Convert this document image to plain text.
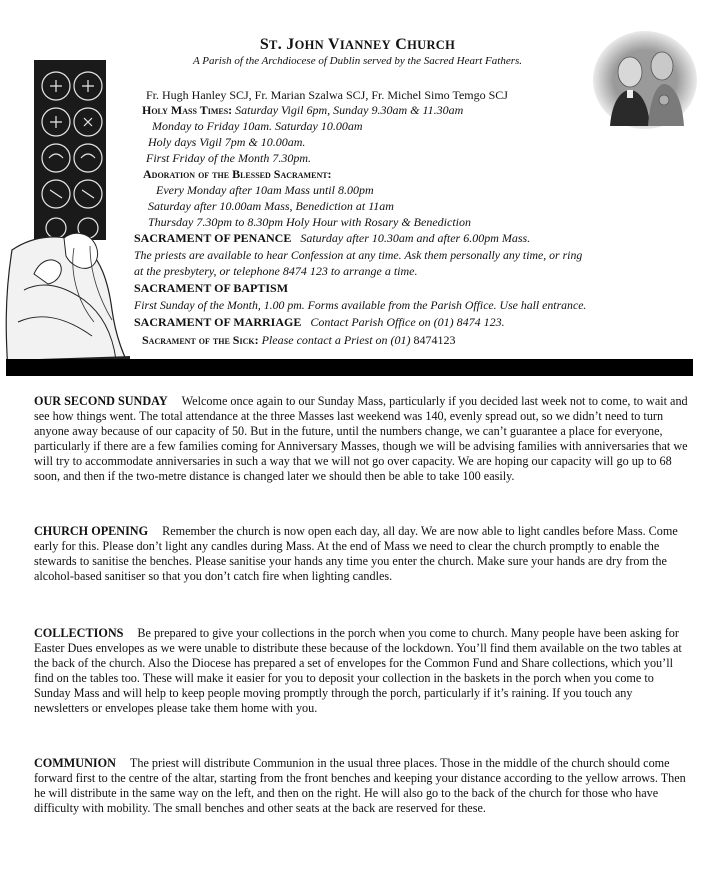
ST. JOHN VIANNEY CHURCH
A Parish of the Archdiocese of Dublin served by the Sacred Heart Fathers.
Fr. Hugh Hanley SCJ, Fr. Marian Szalwa SCJ, Fr. Michel Simo Temgo SCJ
Holy Mass Times: Saturday Vigil 6pm, Sunday 9.30am & 11.30am
Monday to Friday 10am. Saturday 10.00am
Holy days Vigil 7pm & 10.00am.
First Friday of the Month 7.30pm.
Adoration of the Blessed Sacrament:
Every Monday after 10am Mass until 8.00pm
Saturday after 10.00am Mass, Benediction at 11am
Thursday 7.30pm to 8.30pm Holy Hour with Rosary & Benediction
SACRAMENT OF PENANCE Saturday after 10.30am and after 6.00pm Mass.
The priests are available to hear Confession at any time. Ask them personally any time, or ring
at the presbytery, or telephone 8474 123 to arrange a time.
SACRAMENT OF BAPTISM
First Sunday of the Month, 1.00 pm. Forms available from the Parish Office. Use hall entrance.
SACRAMENT OF MARRIAGE Contact Parish Office on (01) 8474 123.
Sacrament of the Sick: Please contact a Priest on (01) 8474123
OUR SECOND SUNDAY Welcome once again to our Sunday Mass, particularly if you decided last week not to come, to wait and see how things went. The total attendance at the three Masses last weekend was 140, evenly spread out, so we didn’t need to turn anyone away because of our capacity of 50. But in the future, until the numbers change, we can’t guarantee a place for everyone, particularly if there are a few families coming for Anniversary Masses, though we will be advising families with anniversaries that we will try to accommodate anniversaries in such a way that we will not go over capacity. We are hoping our capacity will go up to 68 soon, and then if the two-metre distance is changed later we should then be able to take 100 easily.
CHURCH OPENING Remember the church is now open each day, all day. We are now able to light candles before Mass. Come early for this. Please don’t light any candles during Mass. At the end of Mass we need to clear the church promptly to enable the stewards to sanitise the benches. Please sanitise your hands any time you enter the church. Make sure your hands are dry from the alcohol-based sanitiser so that you don’t catch fire when lighting candles.
COLLECTIONS Be prepared to give your collections in the porch when you come to church. Many people have been asking for Easter Dues envelopes as we were unable to distribute these because of the lockdown. You’ll find them available on the two tables at the back of the church. Also the Diocese has prepared a set of envelopes for the Common Fund and Share collections, which you’ll find on the tables too. These will make it easier for you to deposit your collection in the baskets in the porch when you come to Sunday Mass and will help to keep people moving promptly through the porch, particularly if it’s raining. If you touch any newsletters or envelopes please take them home with you.
COMMUNION The priest will distribute Communion in the usual three places. Those in the middle of the church should come forward first to the centre of the altar, starting from the front benches and keeping your distance according to the yellow arrows. Then he will distribute in the same way on the left, and then on the right. He will also go to the back of the church for those who have difficulty with mobility. The small benches and other seats at the back are reserved for these.
